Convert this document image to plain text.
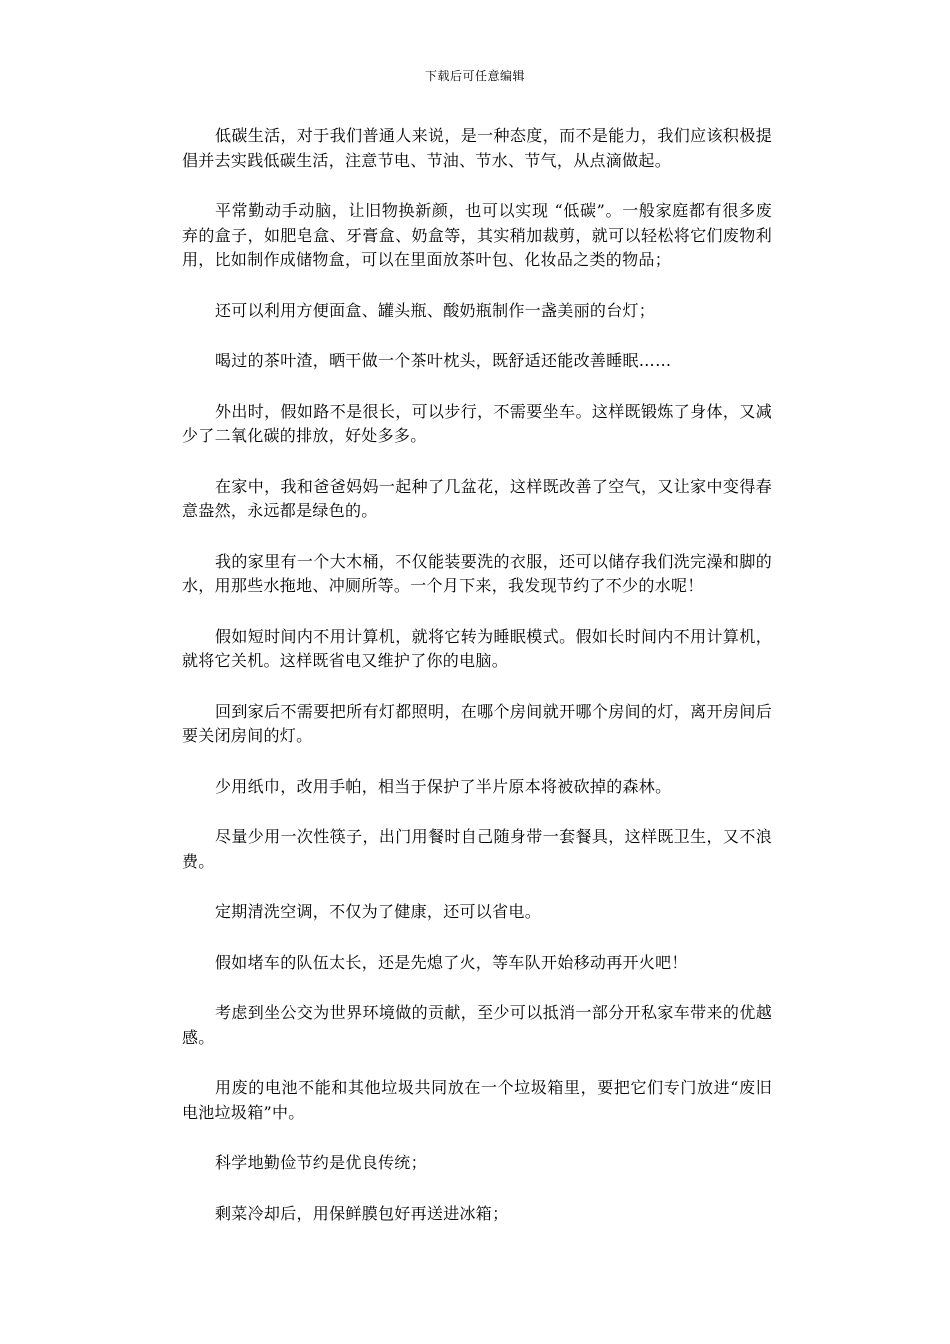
下载后可任意编辑

低碳生活，对于我们普通人来说，是一种态度，而不是能力，我们应该积极提倡并去实践低碳生活，注意节电、节油、节水、节气，从点滴做起。

平常勤动手动脑，让旧物换新颜，也可以实现 “低碳”。一般家庭都有很多废弃的盒子，如肥皂盒、牙膏盒、奶盒等，其实稍加裁剪，就可以轻松将它们废物利用，比如制作成储物盒，可以在里面放茶叶包、化妆品之类的物品；

还可以利用方便面盒、罐头瓶、酸奶瓶制作一盏美丽的台灯；

喝过的茶叶渣，晒干做一个茶叶枕头，既舒适还能改善睡眠……

外出时，假如路不是很长，可以步行，不需要坐车。这样既锻炼了身体，又减少了二氧化碳的排放，好处多多。

在家中，我和爸爸妈妈一起种了几盆花，这样既改善了空气，又让家中变得春意盎然，永远都是绿色的。

我的家里有一个大木桶，不仅能装要洗的衣服，还可以储存我们洗完澡和脚的水，用那些水拖地、冲厕所等。一个月下来，我发现节约了不少的水呢！

假如短时间内不用计算机，就将它转为睡眠模式。假如长时间内不用计算机，就将它关机。这样既省电又维护了你的电脑。

回到家后不需要把所有灯都照明，在哪个房间就开哪个房间的灯，离开房间后要关闭房间的灯。

少用纸巾，改用手帕，相当于保护了半片原本将被砍掉的森林。

尽量少用一次性筷子，出门用餐时自己随身带一套餐具，这样既卫生，又不浪费。

定期清洗空调，不仅为了健康，还可以省电。

假如堵车的队伍太长，还是先熄了火，等车队开始移动再开火吧！

考虑到坐公交为世界环境做的贡献，至少可以抵消一部分开私家车带来的优越感。

用废的电池不能和其他垃圾共同放在一个垃圾箱里，要把它们专门放进“废旧电池垃圾箱”中。

科学地勤俭节约是优良传统；

剩菜冷却后，用保鲜膜包好再送进冰箱；
